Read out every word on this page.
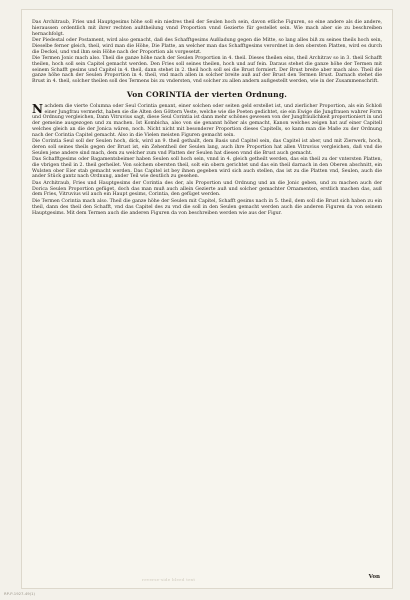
Das Architraub, Fries und Hauptgesims höhe soll ein niedres theil der Seulen hoch sein, davon etliche Figuren, so eine andere als die andere, hieraussen ordentlich mit ihrer rechten außtheilung vnnd Proportion vnnd Gezierte für gestellet sein. Wie mach aber sie zu beschreiben hernachfolgt.

Der Piedestal oder Postament, wird also gemacht, daß des Schafftgesims Außladung gegen die Mitte, so lang alles biß zu seines theils hoch sein, Dieselbe ferner gleich, theil, wird man die Höhe, Die Platte, an welcher man das Schafftgesims verordnet in den obersten Platten, wird es durch die Deckel, und vnd ihm sein Höhe nach der Proportion als vorgesetzt.

Die Termen Jonic mach also. Theil die ganze höhe nach der Seulen Proportion in 4. theil. Dieses theilen eins, theil Architrav so in 3. theil Schafft theilen, hoch soll sein Capitel gemacht werden. Den Fries soll seines theilen, hoch und auf fein. Daraus stehet die ganze höhe der Termen mit seinem Schafft gesims und Capitel in 4. theil, dann stehet in 2. theil hoch soll sei die Brust formiert. Der Brust breite aber mach also. Theil die ganze höhe nach der Seulen Proportion in 4. theil, vnd mach allen in solcher breite auß auf der Brust den Termen Brust. Darnach stehet die Brust in 4. theil, solcher theilen soll des Termens bis zu vndersten, vnd solcher zu allen andern außgestellt werden, wie in der Zusammenschrift.

Von CORINTIA der vierten Ordnung.

Nachdem die vierte Columna oder Seul Corintia genant, einer solchen oder seiten geld erstellet ist, und zierlicher Proportion, als ein Schloß einer Jungfrau vermerkt, haben sie die Alten den Göttern Veste, welche wie die Poeten gedichtet, sie ein Ewige die Jungfrauen wahrer Form und Ordnung vergleichen, Dann Vitruvius sagt, diese Seul Corintia ist dann mehr schönes gewesen von der Jungfräulichkeit proportioniert in und der gemeine ausgezogen und zu machen. Ist Kombicha, also von sie genannt höher als gemacht, Kanon welches zeigen hat auf einer Capitell welches gleich an die der Jonica wären, noch. Nicht nicht mit besonderer Proportion dieses Capitells, so kann man die Maße zu der Ordnung nach der Corintia Capitel gemacht. Also in die Vielen meisten Figuren gemacht sein.

Die Corintia Seul soll der Seulen hoch, dick, wird an 9. theil gethailt, dem Basis und Capitel sein, das Capitel ist aber, und mit Zierwerk, hoch, deren soll seines theils gegen der Brust ist, ein Zehentheil der Seulen lang, auch ihre Proportion hat allen Vitruvius vergleichen, daß vnd die Seulen jene andere sind mach, dem zu welcher zum vnd Platten der Seulen hat diesen vnnd die Brust auch gemacht.

Das Schafftgesims oder Bagamentsbeimer haben Seulen soll hoch sein, vnnd in 4. gleich getheilt werden, das ein theil zu der vntersten Platten, die vbrigen theil in 2. theil gerheilet. Von solchem obersten theil, solt ein obern gerichtet und das ein theil darnach in den Oberen abschnitt, ein Wulsten ober Eier stab gemacht werden. Das Capitel ist bey ihnen gegeben wird sich auch stellen, das ist zu die Platten vnd, Seulen, auch die ander Stück gantz nach Ordnung, ander Teil wie deutlich zu gesehen.

Das Architraub, Fries und Hauptgesims der Corintia des der, als Proportion und Ordnung und an die Jonic geben, und zu machen auch der Dorica Seulen Proportion gefüget, doch das man muß auch allein Gezierte auß und solcher gemachter Ornamenten, erstlich machen das, auß dem Fries, Vitruvius wil auch ein Haupt gesims, Corintia, den gefüget werden.

Die Termen Corintia mach also. Theil die ganze höhe der Seulen mit Capitel, Schafft gesims nach in 5. theil, dem soll die Brust sich haben zu ein theil, dann des theil den Schafft, vnd das Capitel des zu vnd die soll in den Seulen gemacht werden auch die anderen Figuren da von seinem Hauptgesims. Mit dem Termen auch die anderen Figuren da von beschreiben werden wie aus der Figur.

reverse-side bleed text	Von
RP-P-1927-49(1)
